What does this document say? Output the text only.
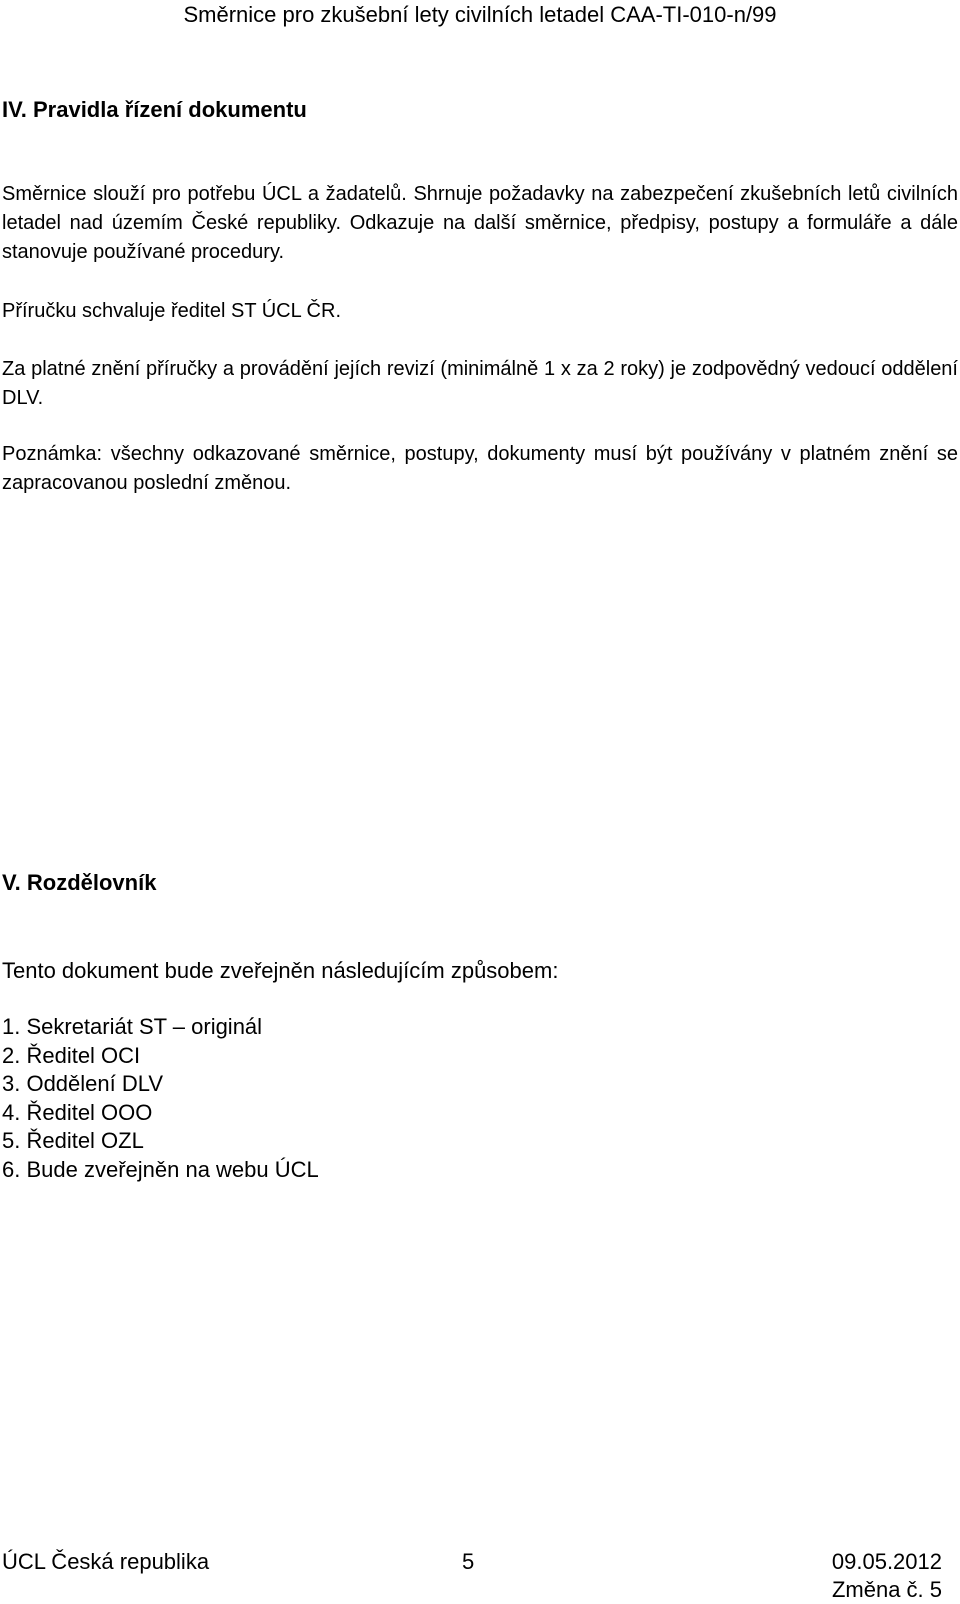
Směrnice pro zkušební lety civilních letadel CAA-TI-010-n/99
IV. Pravidla řízení dokumentu

Směrnice slouží pro potřebu ÚCL a žadatelů. Shrnuje požadavky na zabezpečení zkušebních letů civilních letadel nad územím České republiky. Odkazuje na další směrnice, předpisy, postupy a formuláře a dále stanovuje používané procedury.

Příručku schvaluje ředitel ST ÚCL ČR.

Za platné znění příručky a provádění jejích revizí (minimálně 1 x za 2 roky) je zodpovědný vedoucí oddělení DLV.

Poznámka: všechny odkazované směrnice, postupy, dokumenty musí být používány v platném znění se zapracovanou poslední změnou.

V. Rozdělovník
Tento dokument bude zveřejněn následujícím způsobem:
1. Sekretariát ST – originál
2. Ředitel OCI
3. Oddělení DLV
4. Ředitel OOO
5. Ředitel OZL
6. Bude zveřejněn na webu ÚCL
ÚCL Česká republika	5	09.05.2012
Změna č. 5
